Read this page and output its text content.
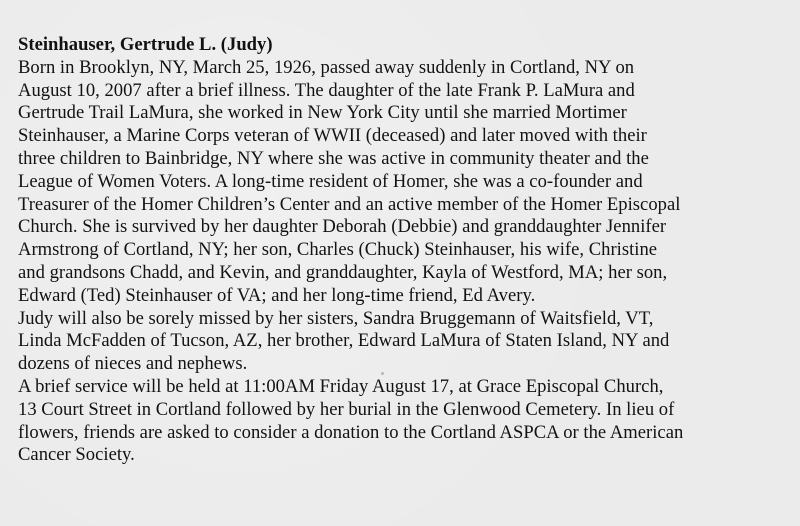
Steinhauser, Gertrude L. (Judy)
Born in Brooklyn, NY, March 25, 1926, passed away suddenly in Cortland, NY on
August 10, 2007 after a brief illness. The daughter of the late Frank P. LaMura and
Gertrude Trail LaMura, she worked in New York City until she married Mortimer
Steinhauser, a Marine Corps veteran of WWII (deceased) and later moved with their
three children to Bainbridge, NY where she was active in community theater and the
League of Women Voters. A long-time resident of Homer, she was a co-founder and
Treasurer of the Homer Children’s Center and an active member of the Homer Episcopal
Church. She is survived by her daughter Deborah (Debbie) and granddaughter Jennifer
Armstrong of Cortland, NY; her son, Charles (Chuck) Steinhauser, his wife, Christine
and grandsons Chadd, and Kevin, and granddaughter, Kayla of Westford, MA; her son,
Edward (Ted) Steinhauser of VA; and her long-time friend, Ed Avery.
Judy will also be sorely missed by her sisters, Sandra Bruggemann of Waitsfield, VT,
Linda McFadden of Tucson, AZ, her brother, Edward LaMura of Staten Island, NY and
dozens of nieces and nephews.
A brief service will be held at 11:00AM Friday August 17, at Grace Episcopal Church,
13 Court Street in Cortland followed by her burial in the Glenwood Cemetery. In lieu of
flowers, friends are asked to consider a donation to the Cortland ASPCA or the American
Cancer Society.
